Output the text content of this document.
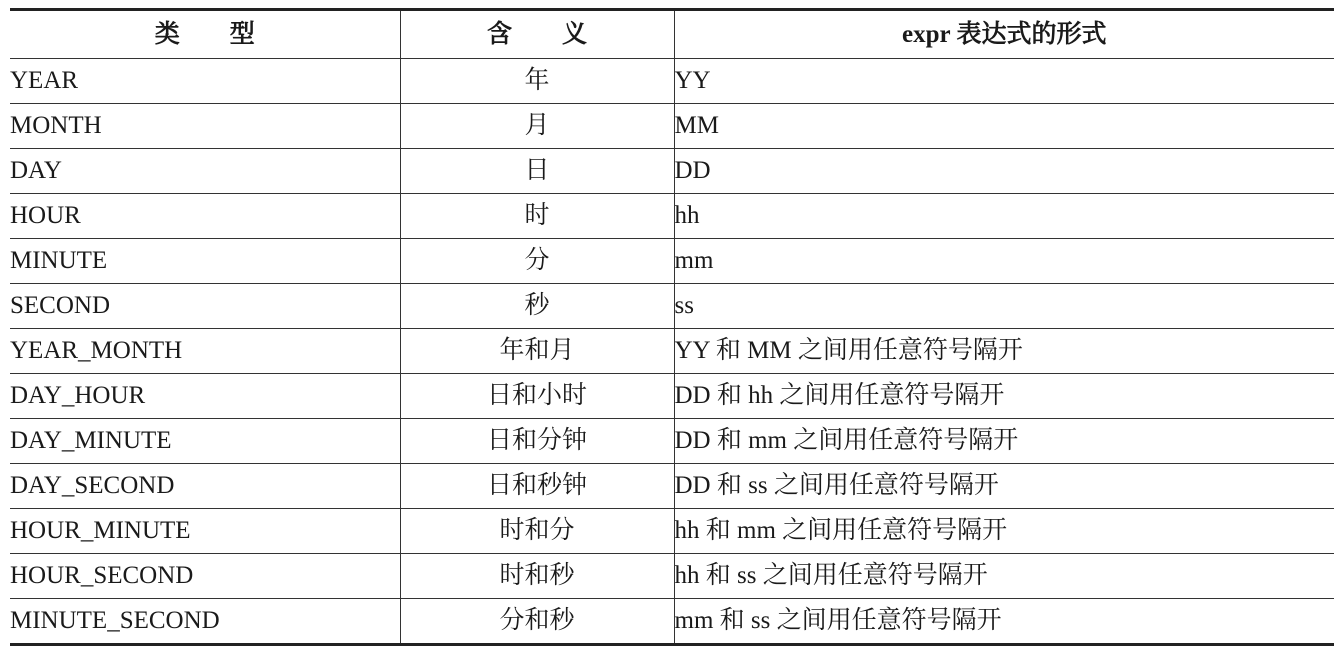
类　　型	含　　义	expr 表达式的形式
YEAR	年	YY
MONTH	月	MM
DAY	日	DD
HOUR	时	hh
MINUTE	分	mm
SECOND	秒	ss
YEAR_MONTH	年和月	YY 和 MM 之间用任意符号隔开
DAY_HOUR	日和小时	DD 和 hh 之间用任意符号隔开
DAY_MINUTE	日和分钟	DD 和 mm 之间用任意符号隔开
DAY_SECOND	日和秒钟	DD 和 ss 之间用任意符号隔开
HOUR_MINUTE	时和分	hh 和 mm 之间用任意符号隔开
HOUR_SECOND	时和秒	hh 和 ss 之间用任意符号隔开
MINUTE_SECOND	分和秒	mm 和 ss 之间用任意符号隔开
